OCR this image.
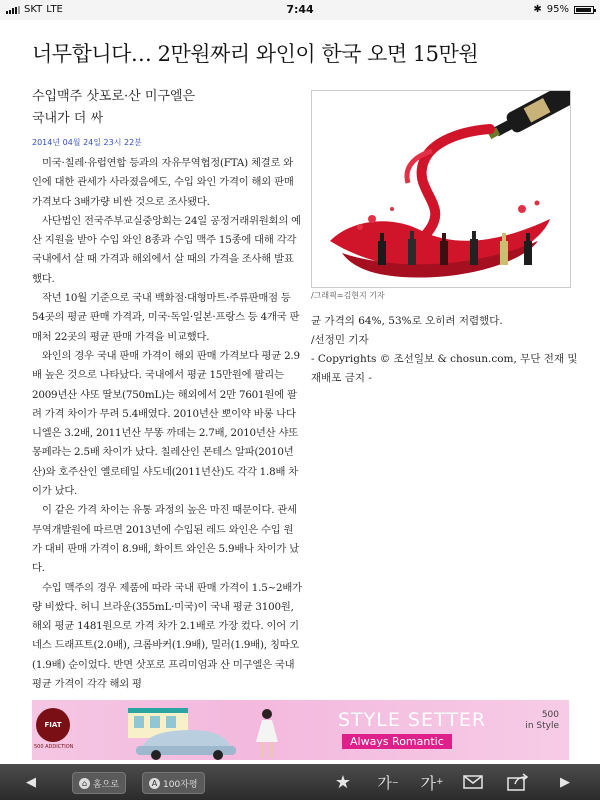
SKT LTE	7:44	✱ 95%
너무합니다… 2만원짜리 와인이 한국 오면 15만원
수입맥주 삿포로·산 미구엘은
국내가 더 싸
2014년 04월 24일 23시 22분

미국·칠레·유럽연합 등과의 자유무역협정(FTA) 체결로 와인에 대한 관세가 사라졌음에도, 수입 와인 가격이 해외 판매 가격보다 3배가량 비싼 것으로 조사됐다.

사단법인 전국주부교실중앙회는 24일 공정거래위원회의 예산 지원을 받아 수입 와인 8종과 수입 맥주 15종에 대해 각각 국내에서 살 때 가격과 해외에서 살 때의 가격을 조사해 발표했다.

작년 10월 기준으로 국내 백화점·대형마트·주류판매점 등 54곳의 평균 판매 가격과, 미국·독일·일본·프랑스 등 4개국 판매처 22곳의 평균 판매 가격을 비교했다.

와인의 경우 국내 판매 가격이 해외 판매 가격보다 평균 2.9배 높은 것으로 나타났다. 국내에서 평균 15만원에 팔리는 2009년산 샤또 딸보(750mL)는 해외에서 2만 7601원에 팔려 가격 차이가 무려 5.4배였다. 2010년산 뽀이약 바롱 나다니엘은 3.2배, 2011년산 무똥 까데는 2.7배, 2010년산 샤또 몽페라는 2.5배 차이가 났다. 칠레산인 몬테스 알파(2010년산)와 호주산인 옐로테일 샤도네(2011년산)도 각각 1.8배 차이가 났다.

이 같은 가격 차이는 유통 과정의 높은 마진 때문이다. 관세무역개발원에 따르면 2013년에 수입된 레드 와인은 수입 원가 대비 판매 가격이 8.9배, 화이트 와인은 5.9배나 차이가 났다.

수입 맥주의 경우 제품에 따라 국내 판매 가격이 1.5~2배가량 비쌌다. 허니 브라운(355mL·미국)이 국내 평균 3100원, 해외 평균 1481원으로 가격 차가 2.1배로 가장 컸다. 이어 기네스 드래프트(2.0배), 크롬바커(1.9배), 밀러(1.9배), 칭따오(1.9배) 순이었다. 반면 삿포로 프리미엄과 산 미구엘은 국내 평균 가격이 각각 해외 평

/그래픽=김현지 기자

균 가격의 64%, 53%로 오히려 저렴했다.

/선정민 기자

- Copyrights © 조선일보 & chosun.com, 무단 전재 및 재배포 금지 -

FIAT
500 ADDICTION
STYLE SETTER
Always Romantic
500
in Style
◀	⌂ 홈으로	A 100자평	★ 가 − 가 +	▶
